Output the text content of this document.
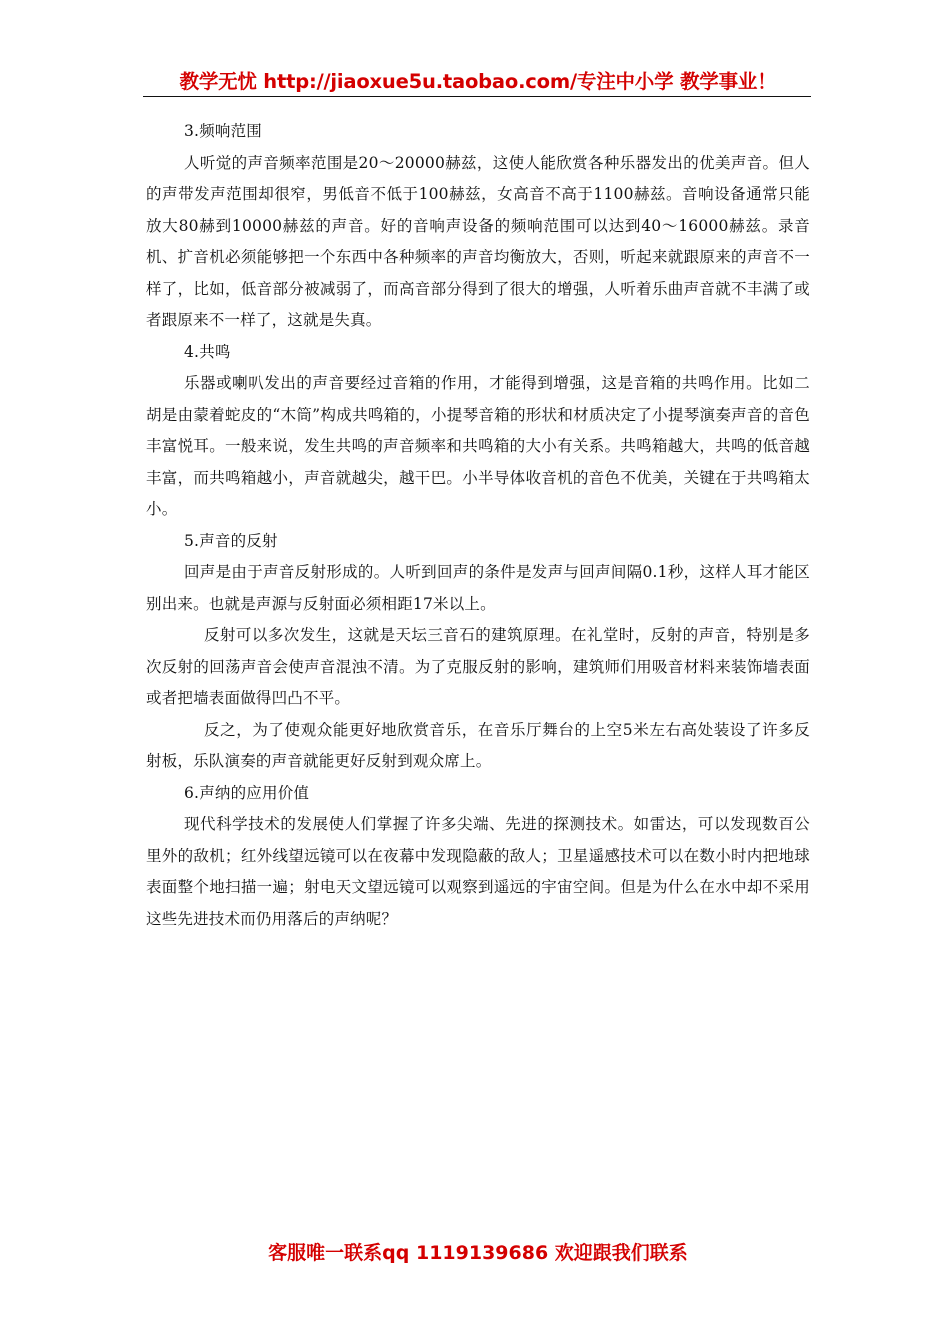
教学无忧 http://jiaoxue5u.taobao.com/专注中小学 教学事业！

3.频响范围

人听觉的声音频率范围是20～20000赫兹，这使人能欣赏各种乐器发出的优美声音。但人的声带发声范围却很窄，男低音不低于100赫兹，女高音不高于1100赫兹。音响设备通常只能放大80赫到10000赫兹的声音。好的音响声设备的频响范围可以达到40～16000赫兹。录音机、扩音机必须能够把一个东西中各种频率的声音均衡放大，否则，听起来就跟原来的声音不一样了，比如，低音部分被减弱了，而高音部分得到了很大的增强，人听着乐曲声音就不丰满了或者跟原来不一样了，这就是失真。

4.共鸣

乐器或喇叭发出的声音要经过音箱的作用，才能得到增强，这是音箱的共鸣作用。比如二胡是由蒙着蛇皮的“木筒”构成共鸣箱的，小提琴音箱的形状和材质决定了小提琴演奏声音的音色丰富悦耳。一般来说，发生共鸣的声音频率和共鸣箱的大小有关系。共鸣箱越大，共鸣的低音越丰富，而共鸣箱越小，声音就越尖，越干巴。小半导体收音机的音色不优美，关键在于共鸣箱太小。

5.声音的反射

回声是由于声音反射形成的。人听到回声的条件是发声与回声间隔0.1秒，这样人耳才能区别出来。也就是声源与反射面必须相距17米以上。

反射可以多次发生，这就是天坛三音石的建筑原理。在礼堂时，反射的声音，特别是多次反射的回荡声音会使声音混浊不清。为了克服反射的影响，建筑师们用吸音材料来装饰墙表面或者把墙表面做得凹凸不平。

反之，为了使观众能更好地欣赏音乐，在音乐厅舞台的上空5米左右高处装设了许多反射板，乐队演奏的声音就能更好反射到观众席上。

6.声纳的应用价值

现代科学技术的发展使人们掌握了许多尖端、先进的探测技术。如雷达，可以发现数百公里外的敌机；红外线望远镜可以在夜幕中发现隐蔽的敌人；卫星遥感技术可以在数小时内把地球表面整个地扫描一遍；射电天文望远镜可以观察到遥远的宇宙空间。但是为什么在水中却不采用这些先进技术而仍用落后的声纳呢？

客服唯一联系qq 1119139686 欢迎跟我们联系
